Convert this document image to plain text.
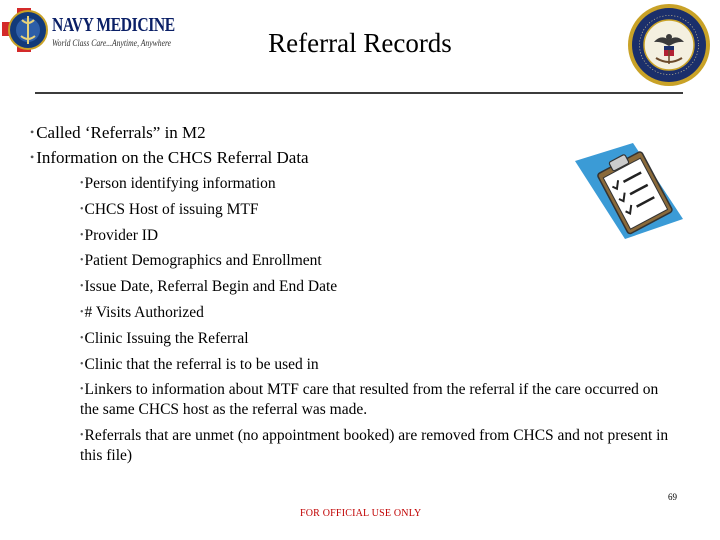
NAVY MEDICINE
World Class Care...Anytime, Anywhere	Referral Records

• Called ‘Referrals” in M2

• Information on the CHCS Referral Data

•Person identifying information

•CHCS Host of issuing MTF

•Provider ID

•Patient Demographics and Enrollment

•Issue Date, Referral Begin and End Date

•# Visits Authorized

•Clinic Issuing the Referral

•Clinic that the referral is to be used in

•Linkers to information about MTF care that resulted from the referral if the care occurred on the same CHCS host as the referral was made.

•Referrals that are unmet (no appointment booked) are removed from CHCS and not present in this file)

69
FOR OFFICIAL USE ONLY
